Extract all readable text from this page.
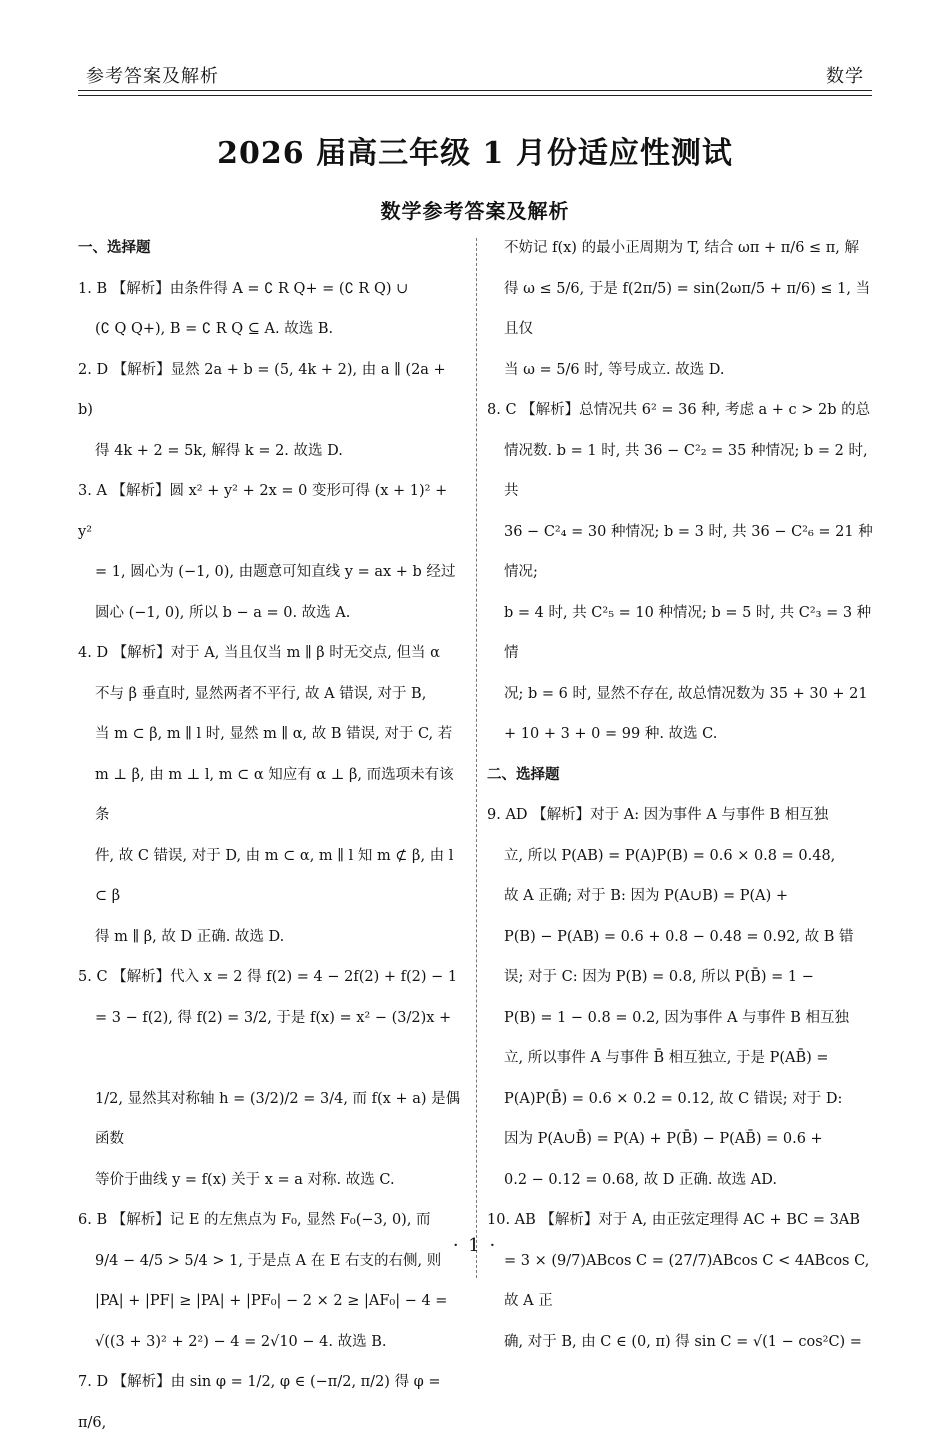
参考答案及解析	数学
2026 届高三年级 1 月份适应性测试
数学参考答案及解析
一、选择题
1. B 【解析】由条件得 A = ∁ R Q+ = (∁ R Q) ∪
(∁ Q Q+), B = ∁ R Q ⊆ A. 故选 B.
2. D 【解析】显然 2a + b = (5, 4k + 2), 由 a ∥ (2a + b)
得 4k + 2 = 5k, 解得 k = 2. 故选 D.
3. A 【解析】圆 x² + y² + 2x = 0 变形可得 (x + 1)² + y²
= 1, 圆心为 (−1, 0), 由题意可知直线 y = ax + b 经过
圆心 (−1, 0), 所以 b − a = 0. 故选 A.
4. D 【解析】对于 A, 当且仅当 m ∥ β 时无交点, 但当 α
不与 β 垂直时, 显然两者不平行, 故 A 错误, 对于 B,
当 m ⊂ β, m ∥ l 时, 显然 m ∥ α, 故 B 错误, 对于 C, 若
m ⊥ β, 由 m ⊥ l, m ⊂ α 知应有 α ⊥ β, 而选项未有该条
件, 故 C 错误, 对于 D, 由 m ⊂ α, m ∥ l 知 m ⊄ β, 由 l ⊂ β
得 m ∥ β, 故 D 正确. 故选 D.
5. C 【解析】代入 x = 2 得 f(2) = 4 − 2f(2) + f(2) − 1
= 3 − f(2), 得 f(2) = 3/2, 于是 f(x) = x² − (3/2)x +

1/2, 显然其对称轴 h = (3/2)/2 = 3/4, 而 f(x + a) 是偶函数
等价于曲线 y = f(x) 关于 x = a 对称. 故选 C.
6. B 【解析】记 E 的左焦点为 F₀, 显然 F₀(−3, 0), 而
9/4 − 4/5 > 5/4 > 1, 于是点 A 在 E 右支的右侧, 则
|PA| + |PF| ≥ |PA| + |PF₀| − 2 × 2 ≥ |AF₀| − 4 =
√((3 + 3)² + 2²) − 4 = 2√10 − 4. 故选 B.
7. D 【解析】由 sin φ = 1/2, φ ∈ (−π/2, π/2) 得 φ = π/6,
不妨记 f(x) 的最小正周期为 T, 结合 ωπ + π/6 ≤ π, 解
得 ω ≤ 5/6, 于是 f(2π/5) = sin(2ωπ/5 + π/6) ≤ 1, 当且仅
当 ω = 5/6 时, 等号成立. 故选 D.
8. C 【解析】总情况共 6² = 36 种, 考虑 a + c > 2b 的总
情况数. b = 1 时, 共 36 − C²₂ = 35 种情况; b = 2 时, 共
36 − C²₄ = 30 种情况; b = 3 时, 共 36 − C²₆ = 21 种情况;
b = 4 时, 共 C²₅ = 10 种情况; b = 5 时, 共 C²₃ = 3 种情
况; b = 6 时, 显然不存在, 故总情况数为 35 + 30 + 21
+ 10 + 3 + 0 = 99 种. 故选 C.
二、选择题
9. AD 【解析】对于 A: 因为事件 A 与事件 B 相互独
立, 所以 P(AB) = P(A)P(B) = 0.6 × 0.8 = 0.48,
故 A 正确; 对于 B: 因为 P(A∪B) = P(A) +
P(B) − P(AB) = 0.6 + 0.8 − 0.48 = 0.92, 故 B 错
误; 对于 C: 因为 P(B) = 0.8, 所以 P(B̄) = 1 −
P(B) = 1 − 0.8 = 0.2, 因为事件 A 与事件 B 相互独
立, 所以事件 A 与事件 B̄ 相互独立, 于是 P(AB̄) =
P(A)P(B̄) = 0.6 × 0.2 = 0.12, 故 C 错误; 对于 D:
因为 P(A∪B̄) = P(A) + P(B̄) − P(AB̄) = 0.6 +
0.2 − 0.12 = 0.68, 故 D 正确. 故选 AD.
10. AB 【解析】对于 A, 由正弦定理得 AC + BC = 3AB
= 3 × (9/7)ABcos C = (27/7)ABcos C < 4ABcos C, 故 A 正
确, 对于 B, 由 C ∈ (0, π) 得 sin C = √(1 − cos²C) =
· 1 ·
